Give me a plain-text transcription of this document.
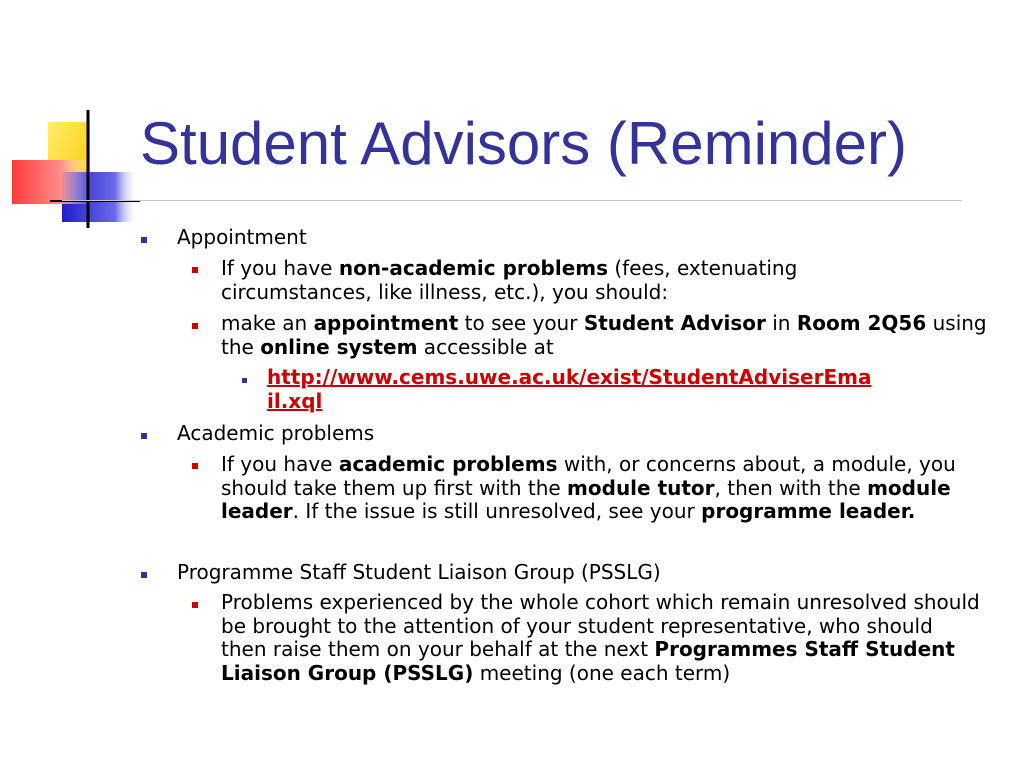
Student Advisors (Reminder)
Appointment
If you have non-academic problems (fees, extenuating circumstances, like illness, etc.), you should:
make an appointment to see your Student Advisor in Room 2Q56 using the online system accessible at
http://www.cems.uwe.ac.uk/exist/StudentAdviserEma
il.xql
Academic problems
If you have academic problems with, or concerns about, a module, you should take them up first with the module tutor, then with the module leader. If the issue is still unresolved, see your programme leader.
Programme Staff Student Liaison Group (PSSLG)
Problems experienced by the whole cohort which remain unresolved should be brought to the attention of your student representative, who should then raise them on your behalf at the next Programmes Staff Student Liaison Group (PSSLG) meeting (one each term)
